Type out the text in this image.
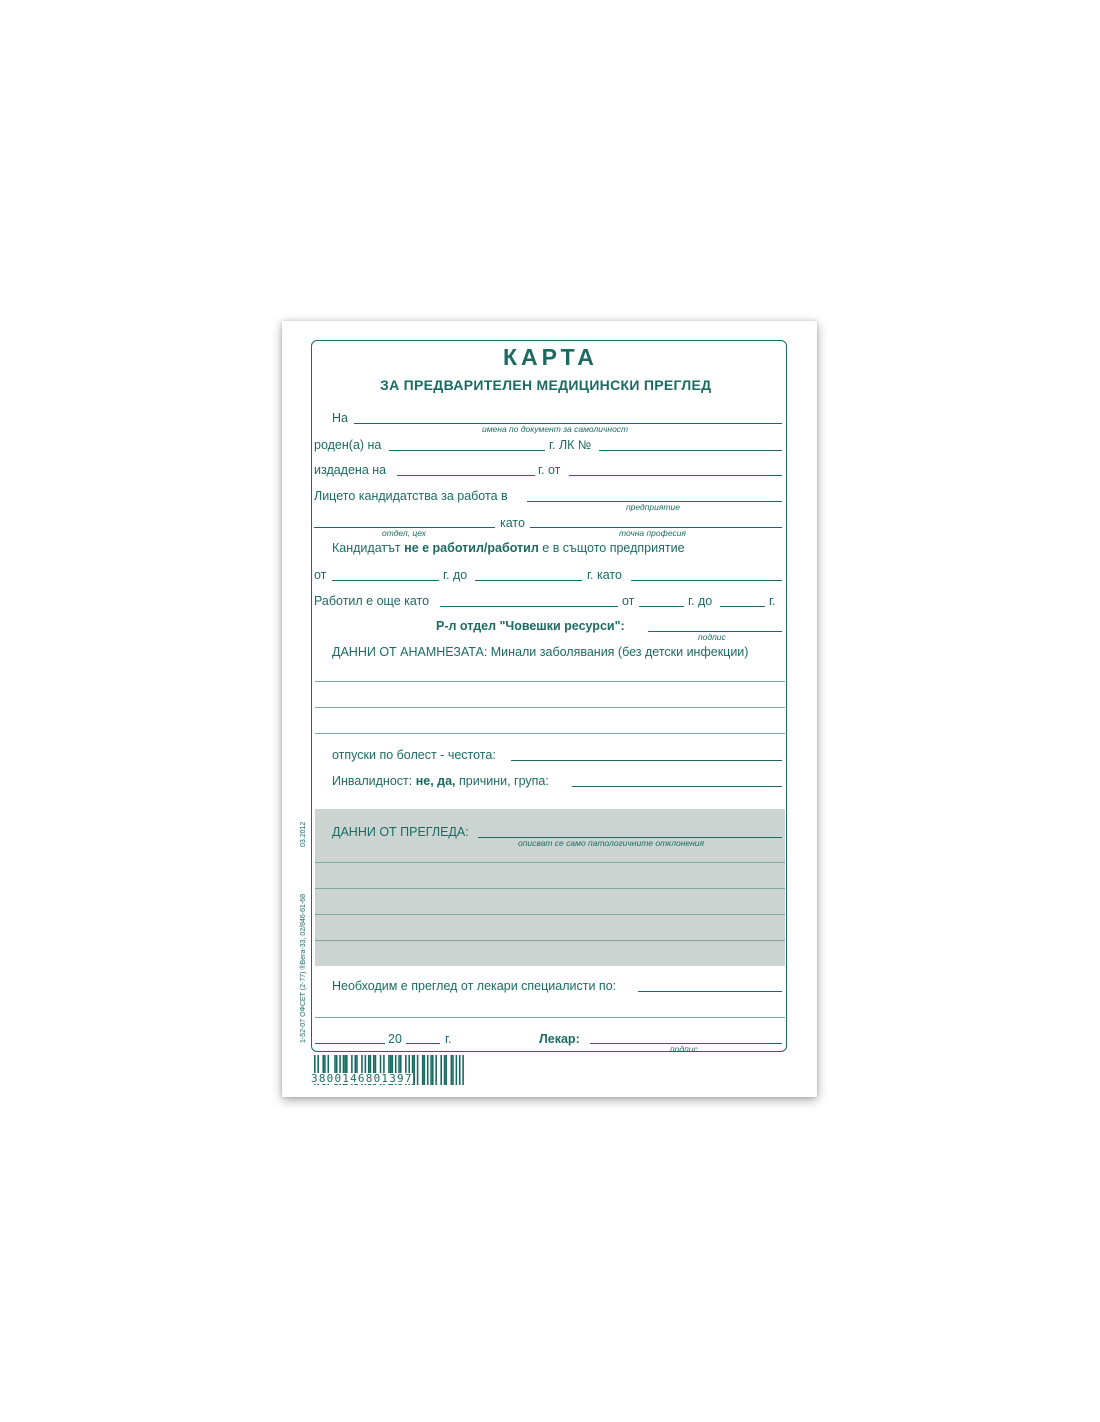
КАРТА
ЗА ПРЕДВАРИТЕЛЕН МЕДИЦИНСКИ ПРЕГЛЕД
На
имена по документ за самоличност
роден(а) на	г. ЛК №
издадена на	г. от
Лицето кандидатства за работа в
предприятие
отдел, цех
като
точна професия
Кандидатът не е работил/работил е в същото предприятие
от	г. до	г. като
Работил е още като	от	г. до	г.
Р-л отдел "Човешки ресурси":
подпис
ДАННИ ОТ АНАМНЕЗАТА: Минали заболявания (без детски инфекции)
отпуски по болест - честота:
Инвалидност: не, да, причини, група:
ДАННИ ОТ ПРЕГЛЕДА:
описват се само патологичните отклонения
Необходим е преглед от лекари специалисти по:
20	г.	Лекар:
подпис
1-52-07 ОФСЕТ (2-77) ®Вега-33, 02/846-61-68
03.2012
3800146801397
